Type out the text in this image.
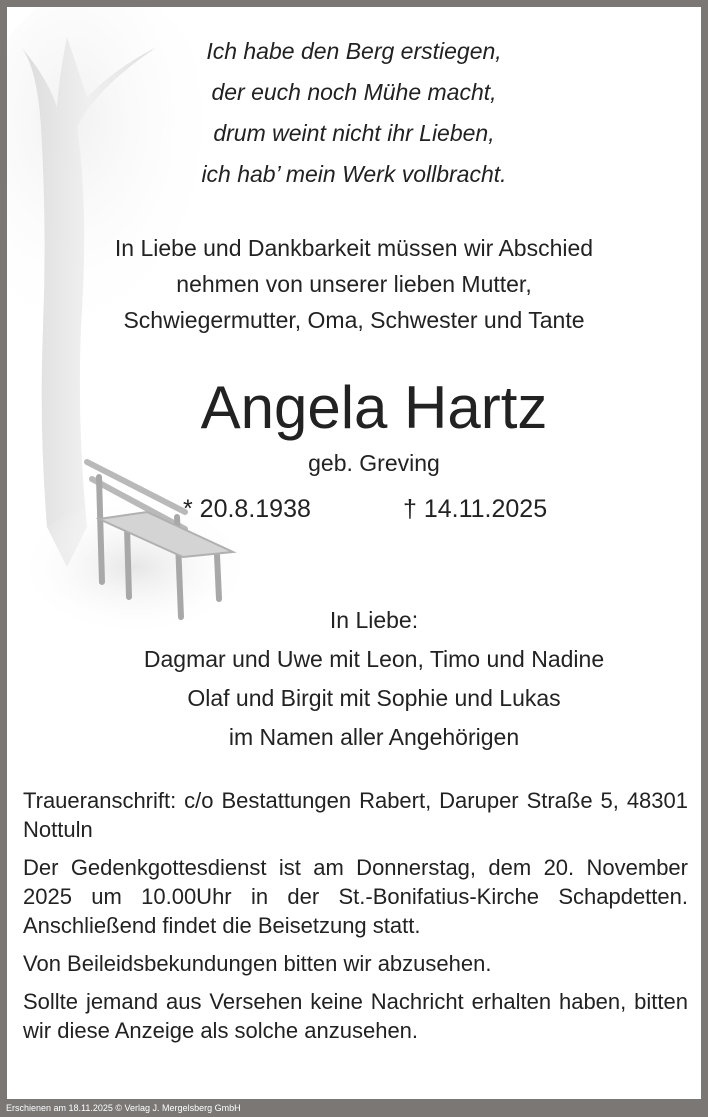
Ich habe den Berg erstiegen,
der euch noch Mühe macht,
drum weint nicht ihr Lieben,
ich hab’ mein Werk vollbracht.
In Liebe und Dankbarkeit müssen wir Abschied
nehmen von unserer lieben Mutter,
Schwiegermutter, Oma, Schwester und Tante
Angela Hartz
geb. Greving
* 20.8.1938	† 14.11.2025
In Liebe:
Dagmar und Uwe mit Leon, Timo und Nadine
Olaf und Birgit mit Sophie und Lukas
im Namen aller Angehörigen

Traueranschrift: c/o Bestattungen Rabert, Daruper Straße 5, 48301 Nottuln

Der Gedenkgottesdienst ist am Donnerstag, dem 20. November 2025 um 10.00Uhr in der St.-Bonifatius-Kirche Schapdetten. Anschließend findet die Beisetzung statt.

Von Beileidsbekundungen bitten wir abzusehen.

Sollte jemand aus Versehen keine Nachricht erhalten haben, bitten wir diese Anzeige als solche anzusehen.

Erschienen am 18.11.2025 © Verlag J. Mergelsberg GmbH
